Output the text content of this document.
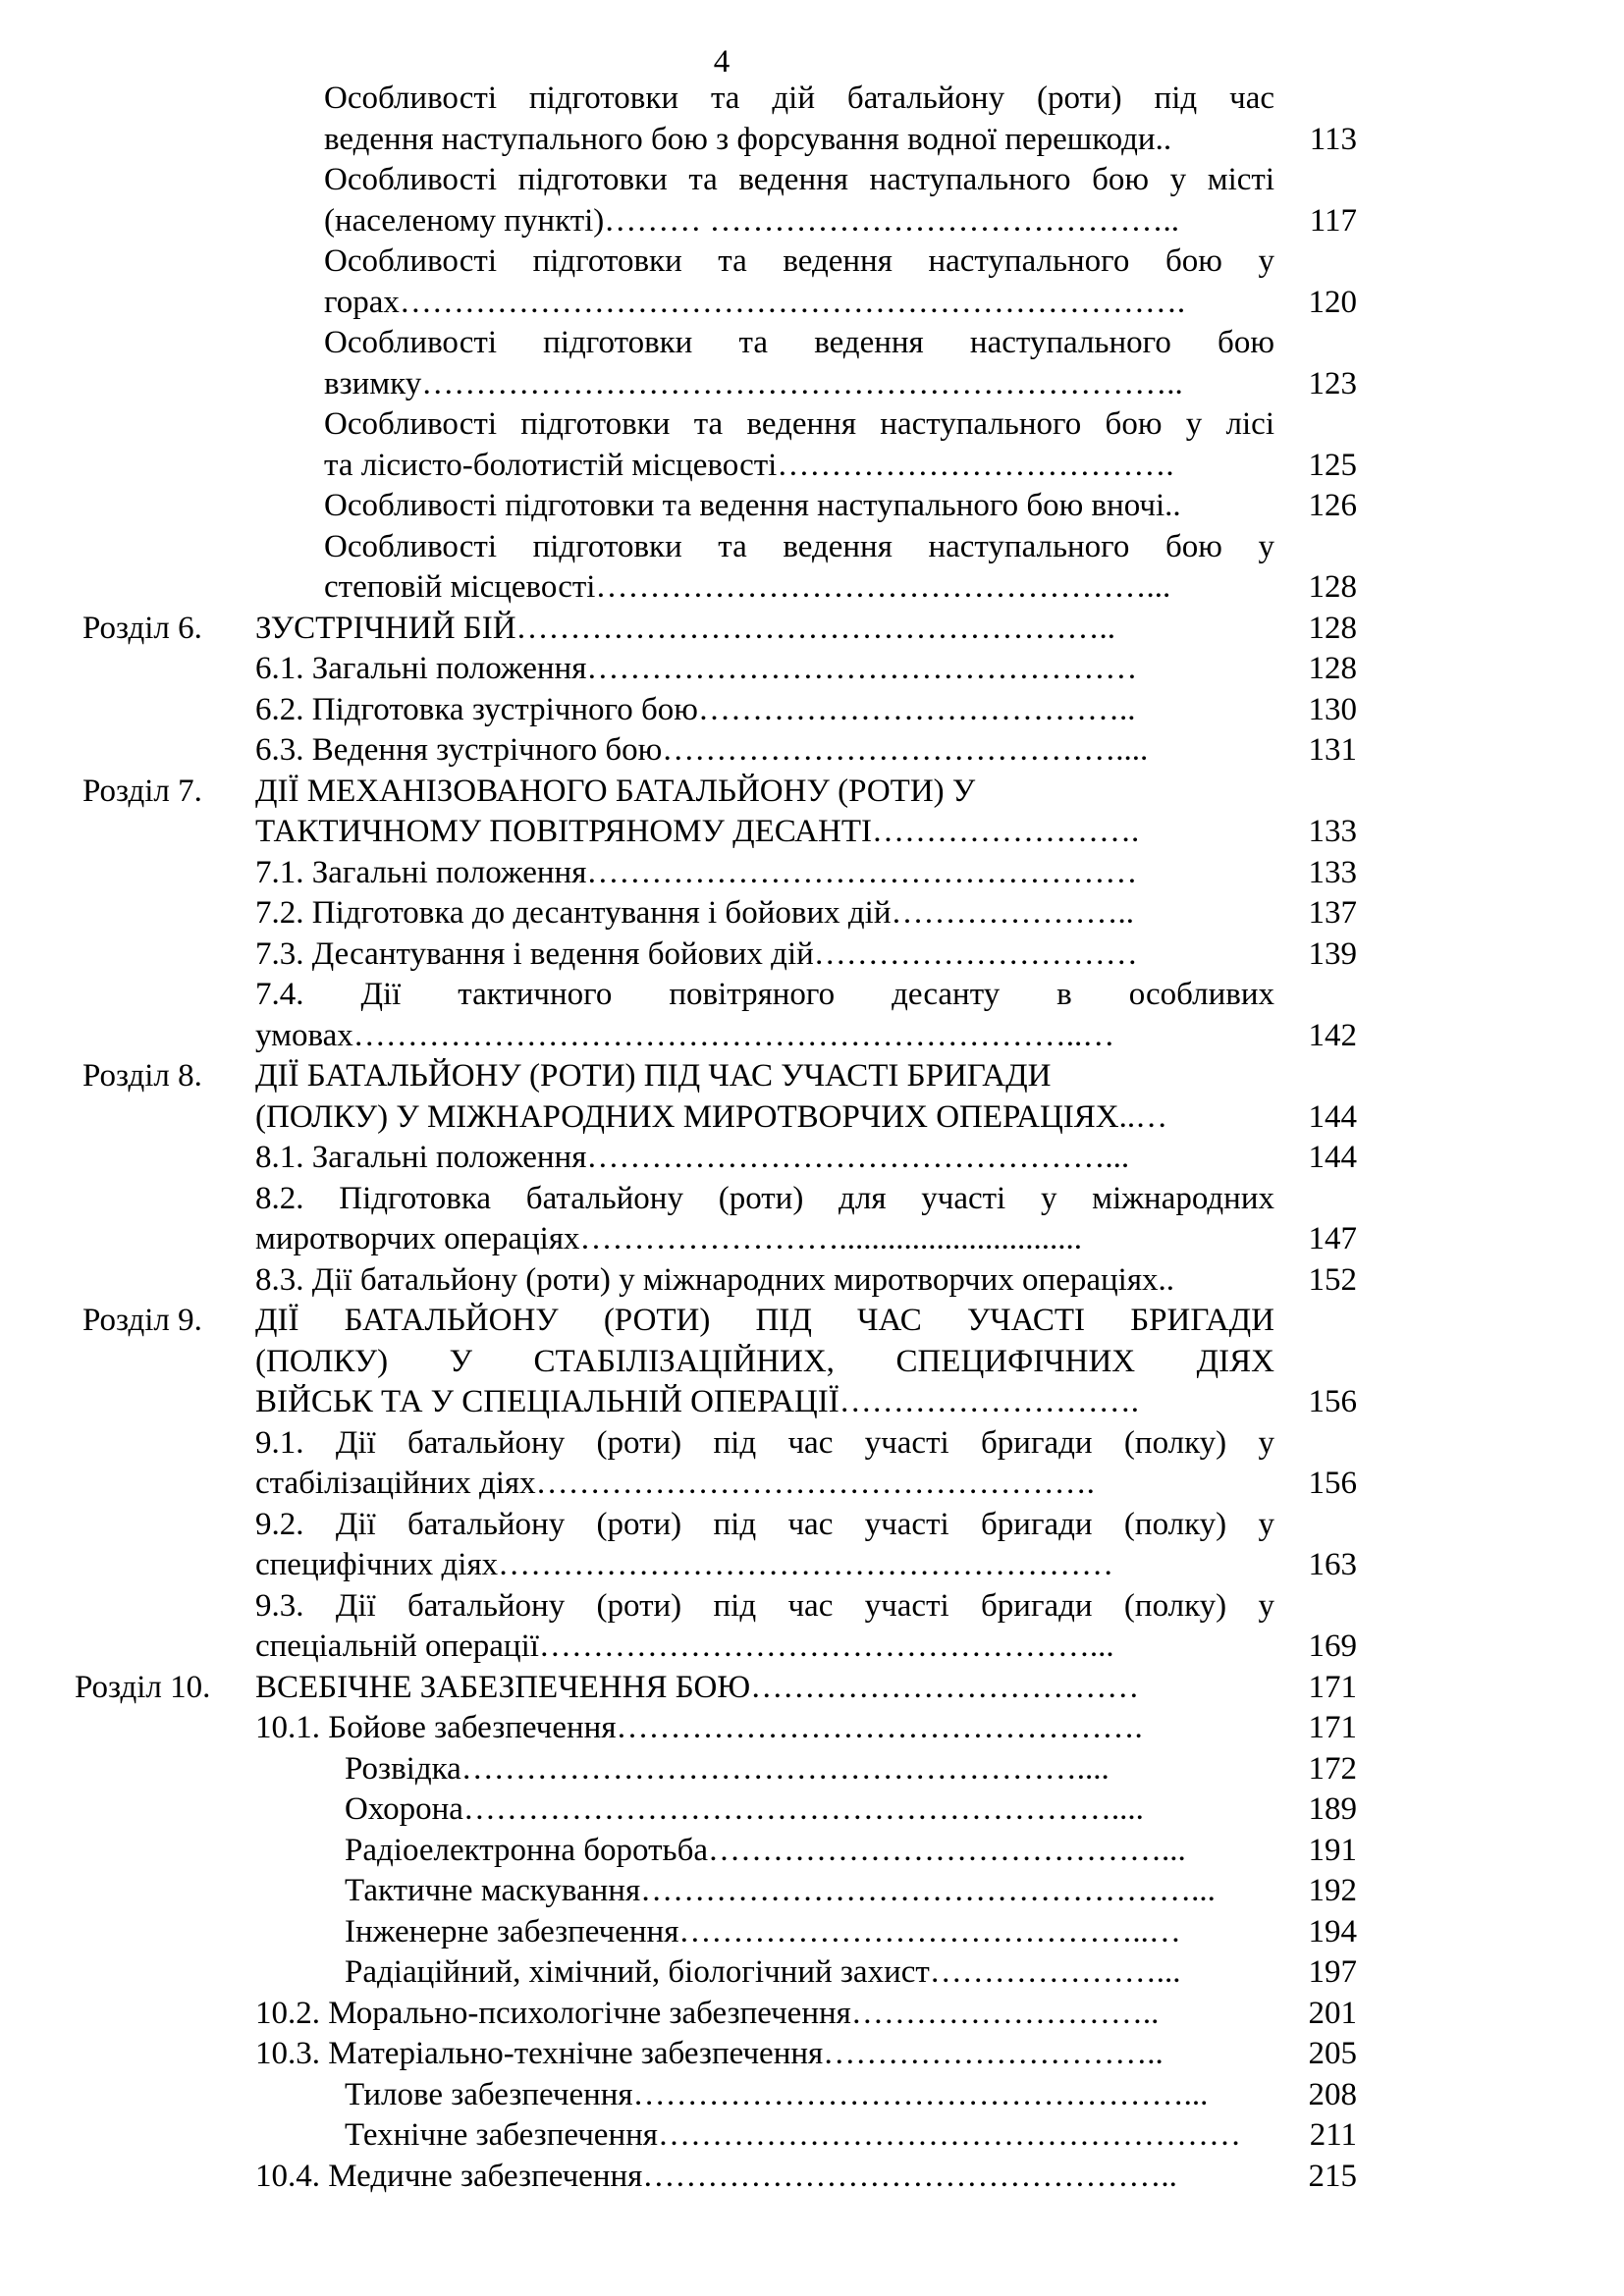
4
Особливості підготовки та дій батальйону (роти) під час
ведення наступального бою з форсування водної перешкоди..	113
Особливості підготовки та ведення наступального бою у місті
(населеному пункті)……… ……………………………………..	117
Особливості підготовки та ведення наступального бою у
горах……………………………………………………………….	120
Особливості підготовки та ведення наступального бою
взимку……………………………………………………………..	123
Особливості підготовки та ведення наступального бою у лісі
та лісисто-болотистій місцевості……………………………….	125
Особливості підготовки та ведення наступального бою вночі..	126
Особливості підготовки та ведення наступального бою у
степовій місцевості……………………………………………...	128
Розділ 6.	ЗУСТРІЧНИЙ БІЙ………………………………………………..	128
6.1. Загальні положення……………………………………………	128
6.2. Підготовка зустрічного бою…………………………………..	130
6.3. Ведення зустрічного бою……………………………………....	131
Розділ 7.	ДІЇ МЕХАНІЗОВАНОГО БАТАЛЬЙОНУ (РОТИ) У
ТАКТИЧНОМУ ПОВІТРЯНОМУ ДЕСАНТІ…………………….	133
7.1. Загальні положення……………………………………………	133
7.2. Підготовка до десантування і бойових дій…………………..	137
7.3. Десантування і ведення бойових дій…………………………	139
7.4. Дії тактичного повітряного десанту в особливих
умовах…………………………………………………………..…	142
Розділ 8.	ДІЇ БАТАЛЬЙОНУ (РОТИ) ПІД ЧАС УЧАСТІ БРИГАДИ
(ПОЛКУ) У МІЖНАРОДНИХ МИРОТВОРЧИХ ОПЕРАЦІЯХ..…	144
8.1. Загальні положення…………………………………………...	144
8.2. Підготовка батальйону (роти) для участі у міжнародних
миротворчих операціях……………………..............................	147
8.3. Дії батальйону (роти) у міжнародних миротворчих операціях..	152
Розділ 9.	ДІЇ БАТАЛЬЙОНУ (РОТИ) ПІД ЧАС УЧАСТІ БРИГАДИ
(ПОЛКУ) У СТАБІЛІЗАЦІЙНИХ, СПЕЦИФІЧНИХ ДІЯХ
ВІЙСЬК ТА У СПЕЦІАЛЬНІЙ ОПЕРАЦІЇ……………………….	156
9.1. Дії батальйону (роти) під час участі бригади (полку) у
стабілізаційних діях…………………………………………….	156
9.2. Дії батальйону (роти) під час участі бригади (полку) у
специфічних діях…………………………………………………	163
9.3. Дії батальйону (роти) під час участі бригади (полку) у
спеціальній операції……………………………………………...	169
Розділ 10.	ВСЕБІЧНЕ ЗАБЕЗПЕЧЕННЯ БОЮ………………………………	171
10.1. Бойове забезпечення………………………………………….	171
Розвідка…………………………………………………....	172
Охорона……………………………………………………....	189
Радіоелектронна боротьба……………………………………...	191
Тактичне маскування……………………………………………...	192
Інженерне забезпечення……………………………………..…	194
Радіаційний, хімічний, біологічний захист…………………...	197
10.2. Морально-психологічне забезпечення………………………..	201
10.3. Матеріально-технічне забезпечення…………………………..	205
Тилове забезпечення……………………………………………...	208
Технічне забезпечення………………………………………………	211
10.4. Медичне забезпечення…………………………………………..	215
